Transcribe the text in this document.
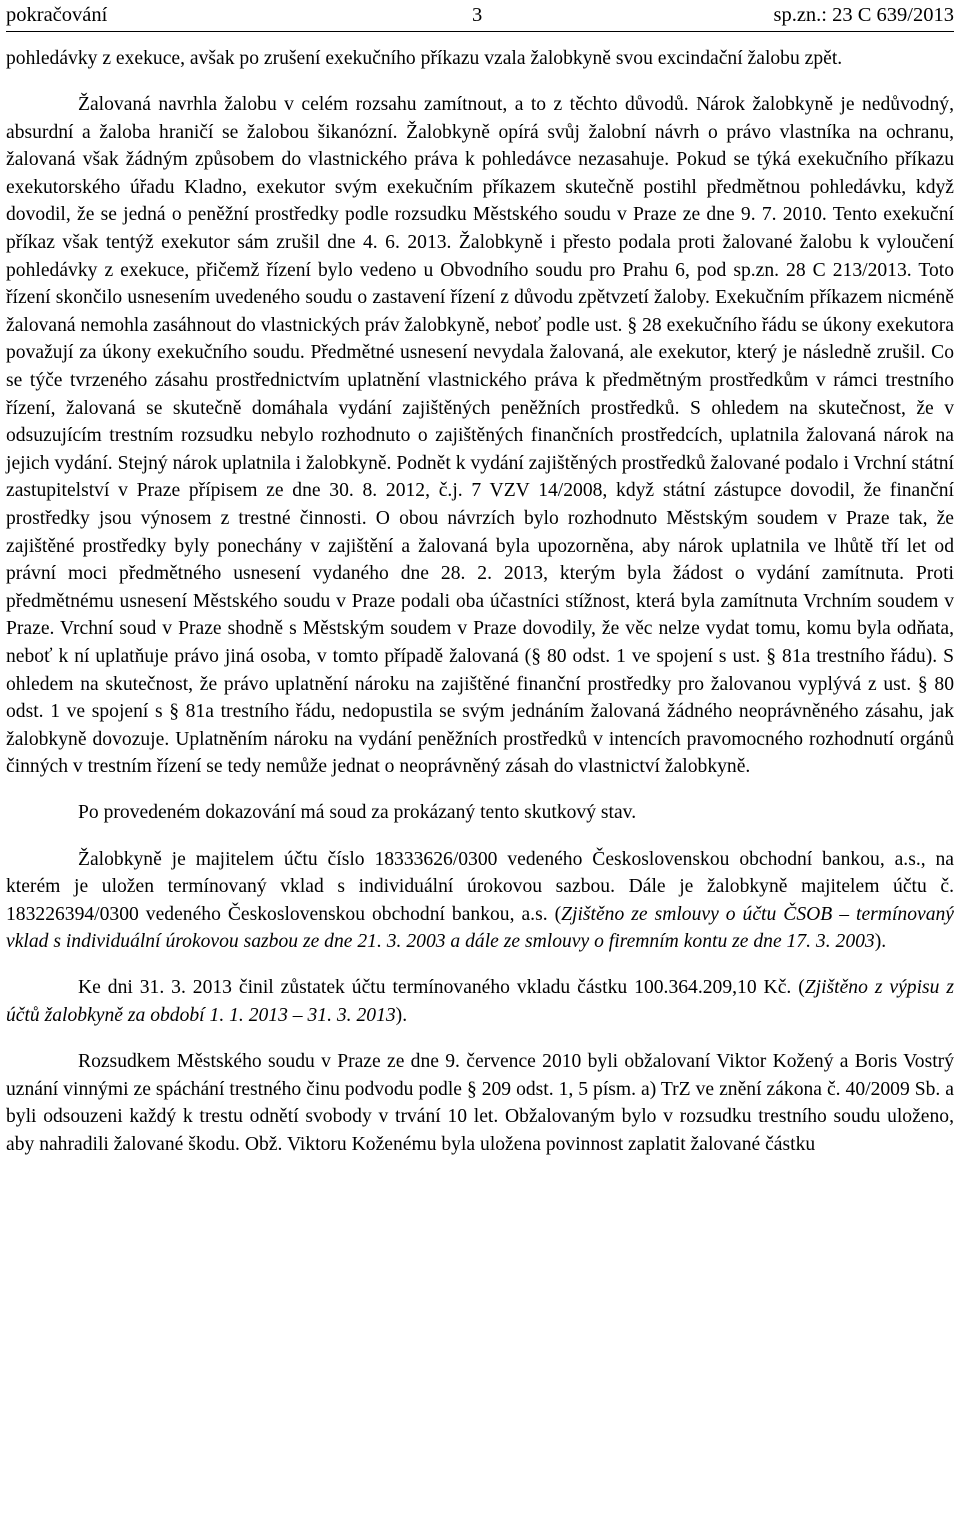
pokračování	3	sp.zn.: 23 C 639/2013

pohledávky z exekuce, avšak po zrušení exekučního příkazu vzala žalobkyně svou excindační žalobu zpět.

Žalovaná navrhla žalobu v celém rozsahu zamítnout, a to z těchto důvodů. Nárok žalobkyně je nedůvodný, absurdní a žaloba hraničí se žalobou šikanózní. Žalobkyně opírá svůj žalobní návrh o právo vlastníka na ochranu, žalovaná však žádným způsobem do vlastnického práva k pohledávce nezasahuje. Pokud se týká exekučního příkazu exekutorského úřadu Kladno, exekutor svým exekučním příkazem skutečně postihl předmětnou pohledávku, když dovodil, že se jedná o peněžní prostředky podle rozsudku Městského soudu v Praze ze dne 9. 7. 2010. Tento exekuční příkaz však tentýž exekutor sám zrušil dne 4. 6. 2013. Žalobkyně i přesto podala proti žalované žalobu k vyloučení pohledávky z exekuce, přičemž řízení bylo vedeno u Obvodního soudu pro Prahu 6, pod sp.zn. 28 C 213/2013. Toto řízení skončilo usnesením uvedeného soudu o zastavení řízení z důvodu zpětvzetí žaloby. Exekučním příkazem nicméně žalovaná nemohla zasáhnout do vlastnických práv žalobkyně, neboť podle ust. § 28 exekučního řádu se úkony exekutora považují za úkony exekučního soudu. Předmětné usnesení nevydala žalovaná, ale exekutor, který je následně zrušil. Co se týče tvrzeného zásahu prostřednictvím uplatnění vlastnického práva k předmětným prostředkům v rámci trestního řízení, žalovaná se skutečně domáhala vydání zajištěných peněžních prostředků. S ohledem na skutečnost, že v odsuzujícím trestním rozsudku nebylo rozhodnuto o zajištěných finančních prostředcích, uplatnila žalovaná nárok na jejich vydání. Stejný nárok uplatnila i žalobkyně. Podnět k vydání zajištěných prostředků žalované podalo i Vrchní státní zastupitelství v Praze přípisem ze dne 30. 8. 2012, č.j. 7 VZV 14/2008, když státní zástupce dovodil, že finanční prostředky jsou výnosem z trestné činnosti. O obou návrzích bylo rozhodnuto Městským soudem v Praze tak, že zajištěné prostředky byly ponechány v zajištění a žalovaná byla upozorněna, aby nárok uplatnila ve lhůtě tří let od právní moci předmětného usnesení vydaného dne 28. 2. 2013, kterým byla žádost o vydání zamítnuta. Proti předmětnému usnesení Městského soudu v Praze podali oba účastníci stížnost, která byla zamítnuta Vrchním soudem v Praze. Vrchní soud v Praze shodně s Městským soudem v Praze dovodily, že věc nelze vydat tomu, komu byla odňata, neboť k ní uplatňuje právo jiná osoba, v tomto případě žalovaná (§ 80 odst. 1 ve spojení s ust. § 81a trestního řádu). S ohledem na skutečnost, že právo uplatnění nároku na zajištěné finanční prostředky pro žalovanou vyplývá z ust. § 80 odst. 1 ve spojení s § 81a trestního řádu, nedopustila se svým jednáním žalovaná žádného neoprávněného zásahu, jak žalobkyně dovozuje. Uplatněním nároku na vydání peněžních prostředků v intencích pravomocného rozhodnutí orgánů činných v trestním řízení se tedy nemůže jednat o neoprávněný zásah do vlastnictví žalobkyně.

Po provedeném dokazování má soud za prokázaný tento skutkový stav.

Žalobkyně je majitelem účtu číslo 18333626/0300 vedeného Československou obchodní bankou, a.s., na kterém je uložen termínovaný vklad s individuální úrokovou sazbou. Dále je žalobkyně majitelem účtu č. 183226394/0300 vedeného Československou obchodní bankou, a.s. (Zjištěno ze smlouvy o účtu ČSOB – termínovaný vklad s individuální úrokovou sazbou ze dne 21. 3. 2003 a dále ze smlouvy o firemním kontu ze dne 17. 3. 2003).

Ke dni 31. 3. 2013 činil zůstatek účtu termínovaného vkladu částku 100.364.209,10 Kč. (Zjištěno z výpisu z účtů žalobkyně za období 1. 1. 2013 – 31. 3. 2013).

Rozsudkem Městského soudu v Praze ze dne 9. července 2010 byli obžalovaní Viktor Kožený a Boris Vostrý uznání vinnými ze spáchání trestného činu podvodu podle § 209 odst. 1, 5 písm. a) TrZ ve znění zákona č. 40/2009 Sb. a byli odsouzeni každý k trestu odnětí svobody v trvání 10 let. Obžalovaným bylo v rozsudku trestního soudu uloženo, aby nahradili žalované škodu. Obž. Viktoru Koženému byla uložena povinnost zaplatit žalované částku
